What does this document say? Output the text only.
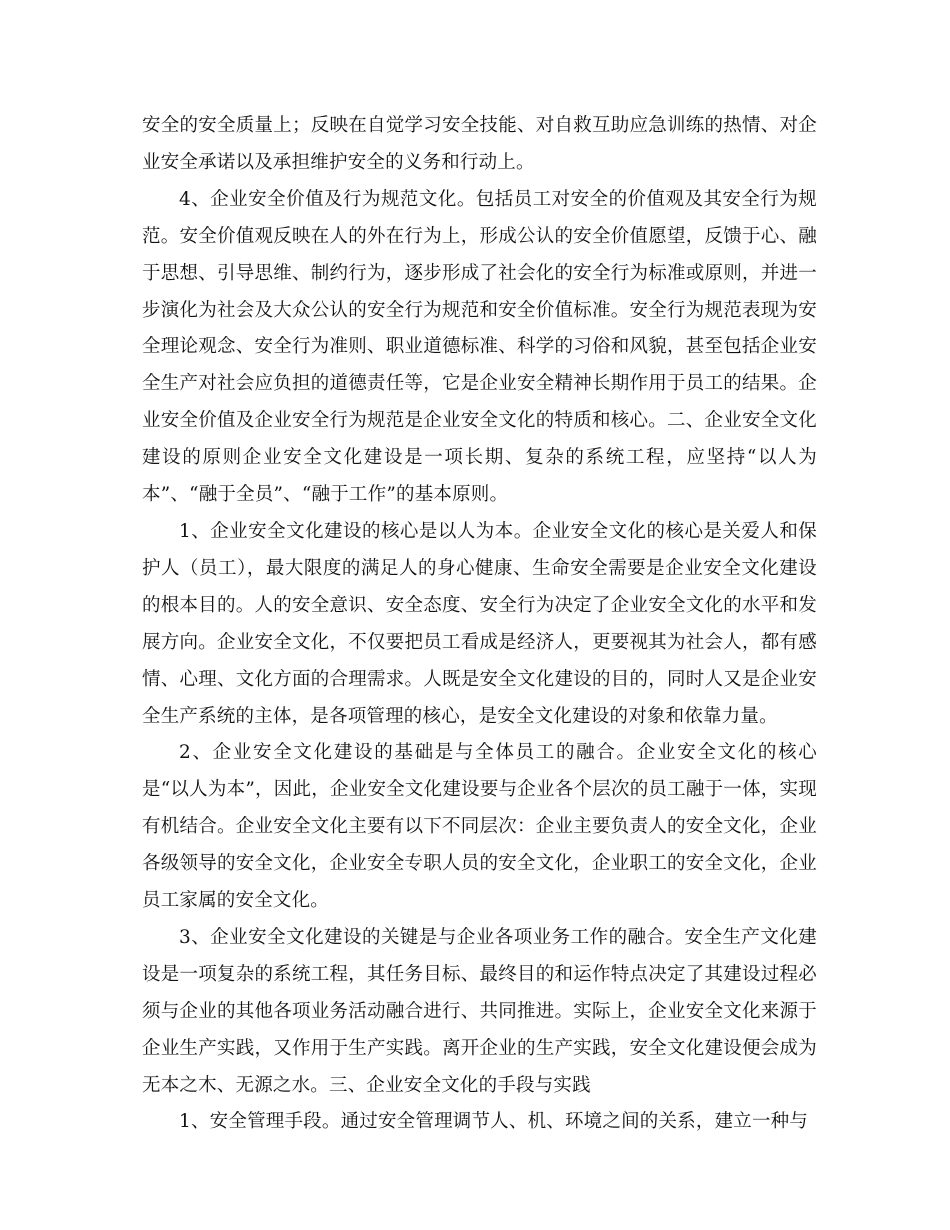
安全的安全质量上；反映在自觉学习安全技能、对自救互助应急训练的热情、对企业安全承诺以及承担维护安全的义务和行动上。

4、企业安全价值及行为规范文化。包括员工对安全的价值观及其安全行为规范。安全价值观反映在人的外在行为上，形成公认的安全价值愿望，反馈于心、融于思想、引导思维、制约行为，逐步形成了社会化的安全行为标准或原则，并进一步演化为社会及大众公认的安全行为规范和安全价值标准。安全行为规范表现为安全理论观念、安全行为准则、职业道德标准、科学的习俗和风貌，甚至包括企业安全生产对社会应负担的道德责任等，它是企业安全精神长期作用于员工的结果。企业安全价值及企业安全行为规范是企业安全文化的特质和核心。二、企业安全文化建设的原则企业安全文化建设是一项长期、复杂的系统工程，应坚持“以人为本”、“融于全员”、“融于工作”的基本原则。

1、企业安全文化建设的核心是以人为本。企业安全文化的核心是关爱人和保护人（员工），最大限度的满足人的身心健康、生命安全需要是企业安全文化建设的根本目的。人的安全意识、安全态度、安全行为决定了企业安全文化的水平和发展方向。企业安全文化，不仅要把员工看成是经济人，更要视其为社会人，都有感情、心理、文化方面的合理需求。人既是安全文化建设的目的，同时人又是企业安全生产系统的主体，是各项管理的核心，是安全文化建设的对象和依靠力量。

2、企业安全文化建设的基础是与全体员工的融合。企业安全文化的核心是“以人为本”，因此，企业安全文化建设要与企业各个层次的员工融于一体，实现有机结合。企业安全文化主要有以下不同层次：企业主要负责人的安全文化，企业各级领导的安全文化，企业安全专职人员的安全文化，企业职工的安全文化，企业员工家属的安全文化。

3、企业安全文化建设的关键是与企业各项业务工作的融合。安全生产文化建设是一项复杂的系统工程，其任务目标、最终目的和运作特点决定了其建设过程必须与企业的其他各项业务活动融合进行、共同推进。实际上，企业安全文化来源于企业生产实践，又作用于生产实践。离开企业的生产实践，安全文化建设便会成为无本之木、无源之水。三、企业安全文化的手段与实践

1、安全管理手段。通过安全管理调节人、机、环境之间的关系，建立一种与
